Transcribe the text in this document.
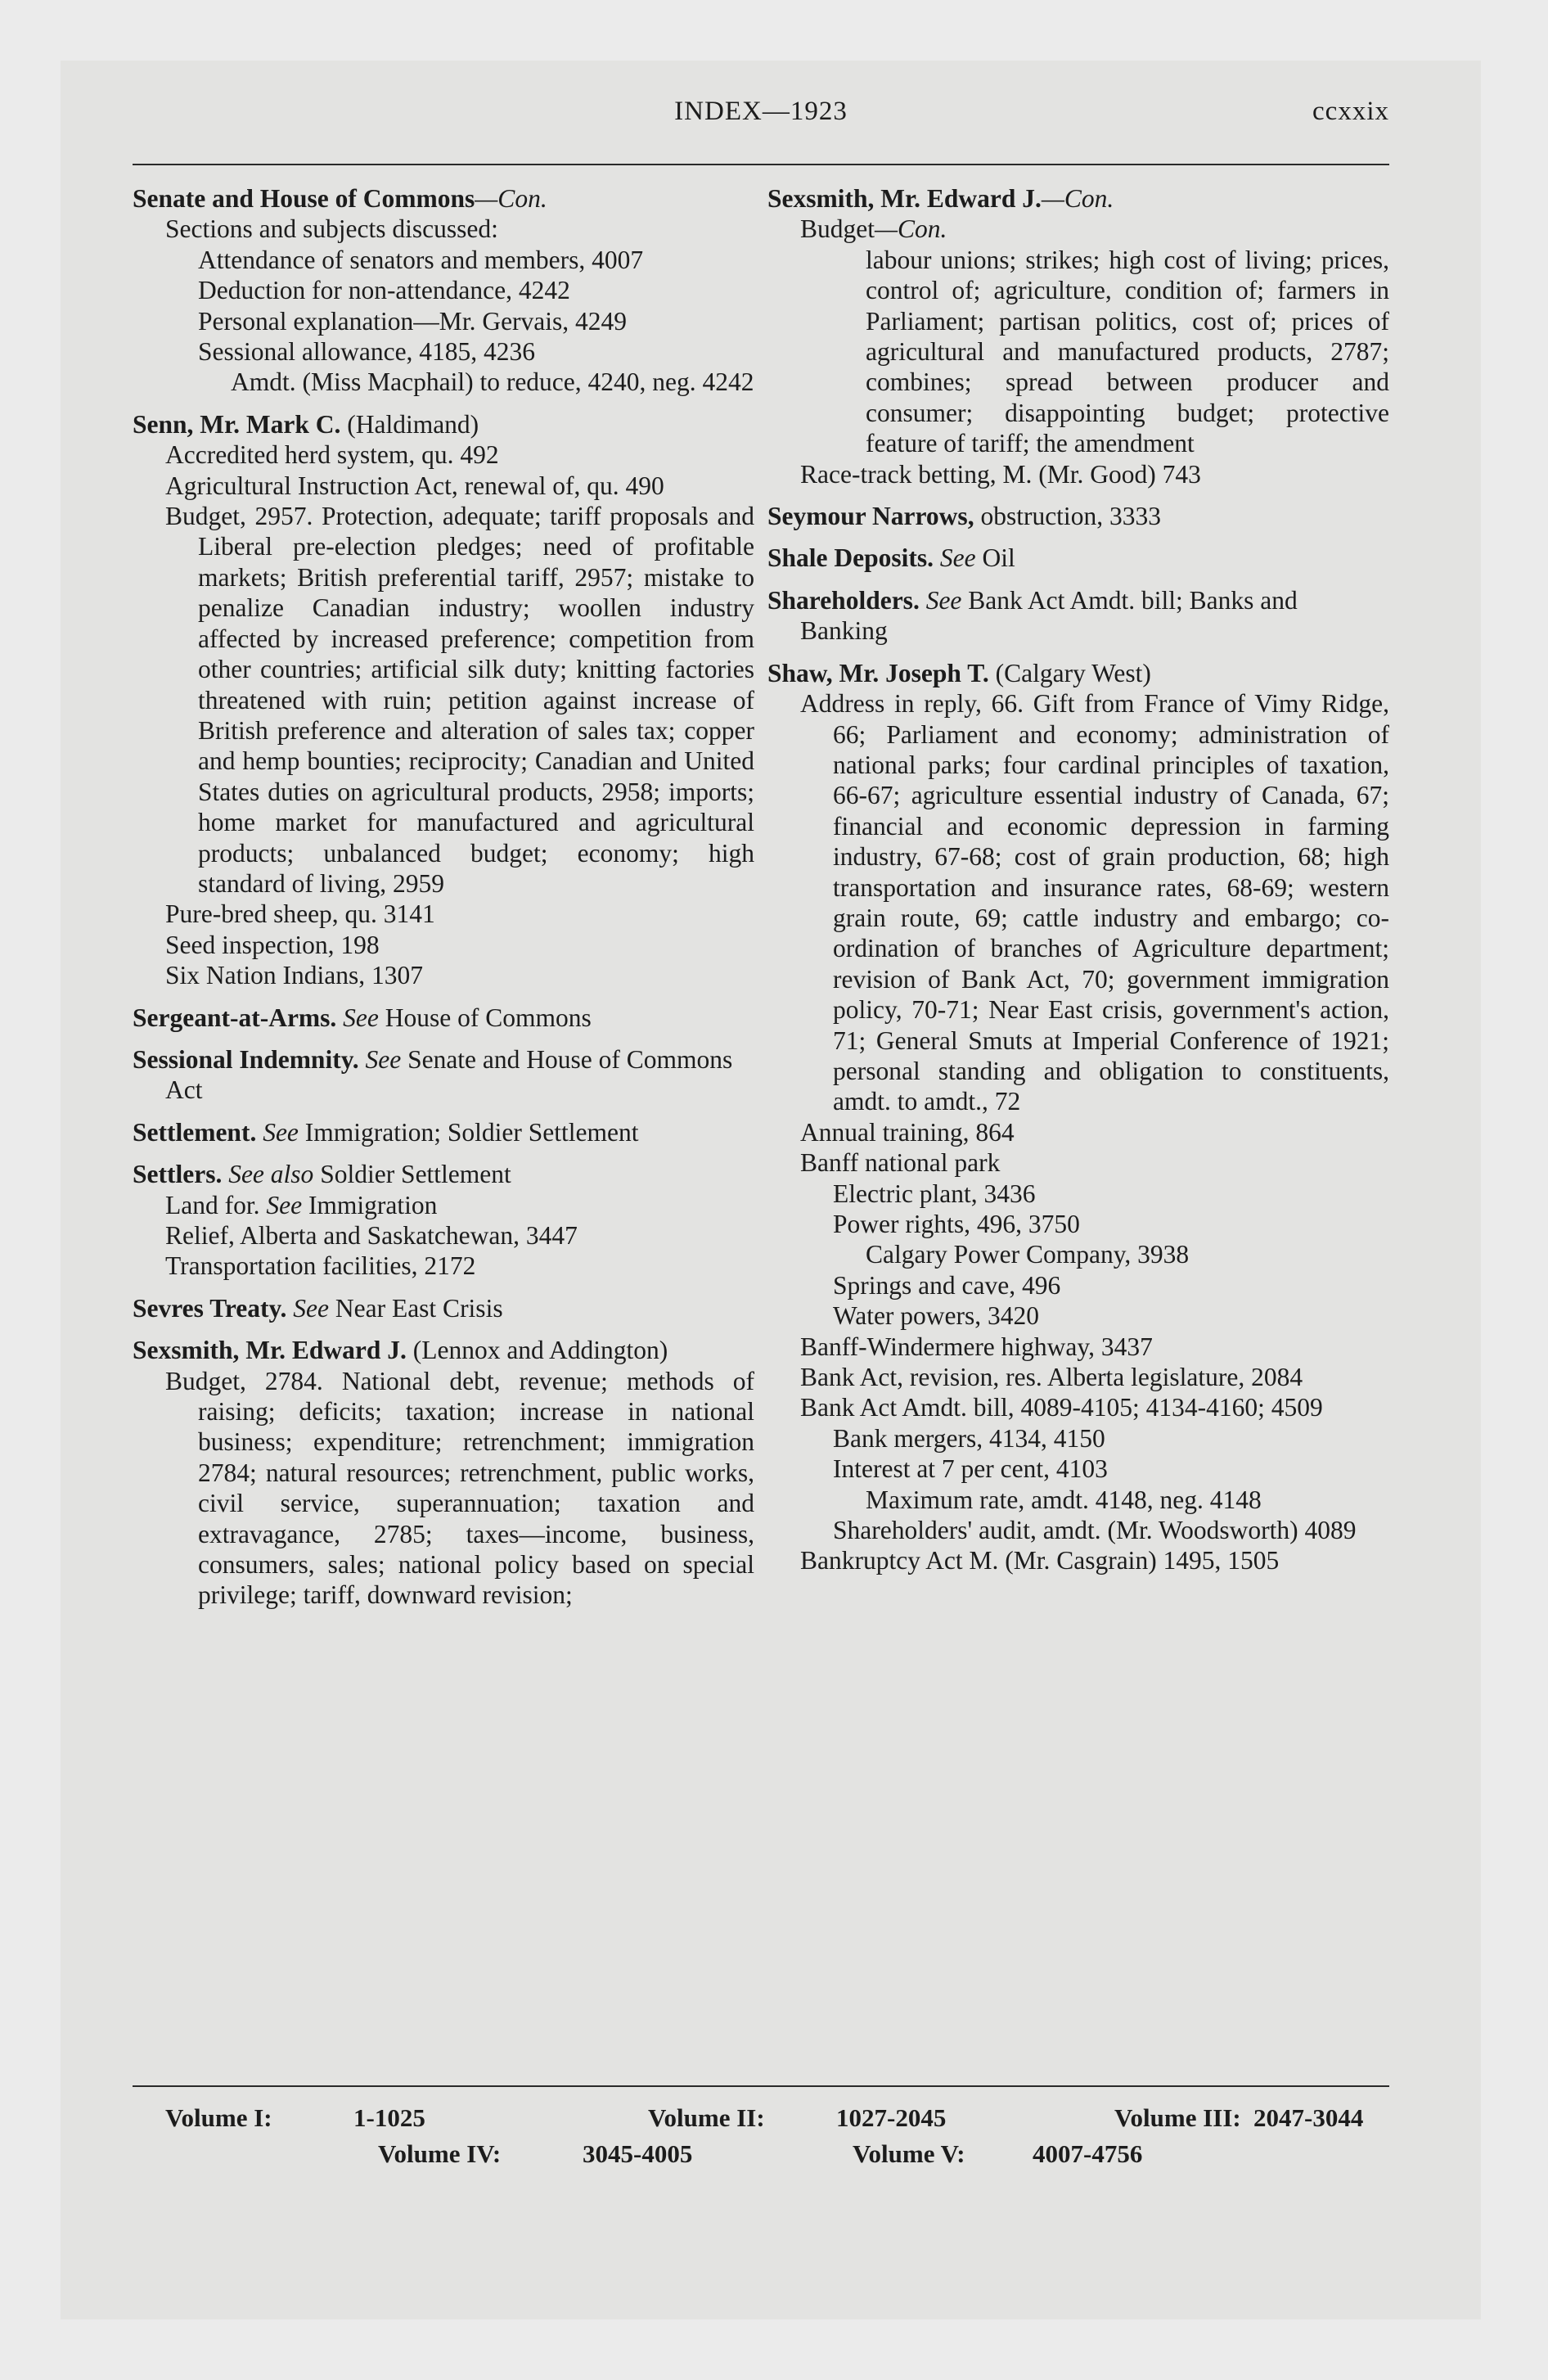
INDEX—1923	ccxxix
Senate and House of Commons—Con.
Sections and subjects discussed:
Attendance of senators and members, 4007
Deduction for non-attendance, 4242
Personal explanation—Mr. Gervais, 4249
Sessional allowance, 4185, 4236
Amdt. (Miss Macphail) to reduce, 4240, neg. 4242
Senn, Mr. Mark C. (Haldimand)
Accredited herd system, qu. 492
Agricultural Instruction Act, renewal of, qu. 490
Budget, 2957. Protection, adequate; tariff proposals and Liberal pre-election pledges; need of profitable markets; British preferential tariff, 2957; mistake to penalize Canadian industry; woollen industry affected by increased preference; competition from other countries; artificial silk duty; knitting factories threatened with ruin; petition against increase of British preference and alteration of sales tax; copper and hemp bounties; reciprocity; Canadian and United States duties on agricultural products, 2958; imports; home market for manufactured and agricultural products; unbalanced budget; economy; high standard of living, 2959
Pure-bred sheep, qu. 3141
Seed inspection, 198
Six Nation Indians, 1307
Sergeant-at-Arms. See House of Commons
Sessional Indemnity. See Senate and House of Commons Act
Settlement. See Immigration; Soldier Settlement
Settlers. See also Soldier Settlement
Land for. See Immigration
Relief, Alberta and Saskatchewan, 3447
Transportation facilities, 2172
Sevres Treaty. See Near East Crisis
Sexsmith, Mr. Edward J. (Lennox and Addington)
Budget, 2784. National debt, revenue; methods of raising; deficits; taxation; increase in national business; expenditure; retrenchment; immigration 2784; natural resources; retrenchment, public works, civil service, superannuation; taxation and extravagance, 2785; taxes—income, business, consumers, sales; national policy based on special privilege; tariff, downward revision;
Sexsmith, Mr. Edward J.—Con.
Budget—Con.
labour unions; strikes; high cost of living; prices, control of; agriculture, condition of; farmers in Parliament; partisan politics, cost of; prices of agricultural and manufactured products, 2787; combines; spread between producer and consumer; disappointing budget; protective feature of tariff; the amendment
Race-track betting, M. (Mr. Good) 743
Seymour Narrows, obstruction, 3333
Shale Deposits. See Oil
Shareholders. See Bank Act Amdt. bill; Banks and Banking
Shaw, Mr. Joseph T. (Calgary West)
Address in reply, 66. Gift from France of Vimy Ridge, 66; Parliament and economy; administration of national parks; four cardinal principles of taxation, 66-67; agriculture essential industry of Canada, 67; financial and economic depression in farming industry, 67-68; cost of grain production, 68; high transportation and insurance rates, 68-69; western grain route, 69; cattle industry and embargo; co-ordination of branches of Agriculture department; revision of Bank Act, 70; government immigration policy, 70-71; Near East crisis, government's action, 71; General Smuts at Imperial Conference of 1921; personal standing and obligation to constituents, amdt. to amdt., 72
Annual training, 864
Banff national park
Electric plant, 3436
Power rights, 496, 3750
Calgary Power Company, 3938
Springs and cave, 496
Water powers, 3420
Banff-Windermere highway, 3437
Bank Act, revision, res. Alberta legislature, 2084
Bank Act Amdt. bill, 4089-4105; 4134-4160; 4509
Bank mergers, 4134, 4150
Interest at 7 per cent, 4103
Maximum rate, amdt. 4148, neg. 4148
Shareholders' audit, amdt. (Mr. Woodsworth) 4089
Bankruptcy Act M. (Mr. Casgrain) 1495, 1505
Volume I:	1-1025	Volume II:	1027-2045	Volume III: 2047-3044
Volume IV:	3045-4005	Volume V:	4007-4756
